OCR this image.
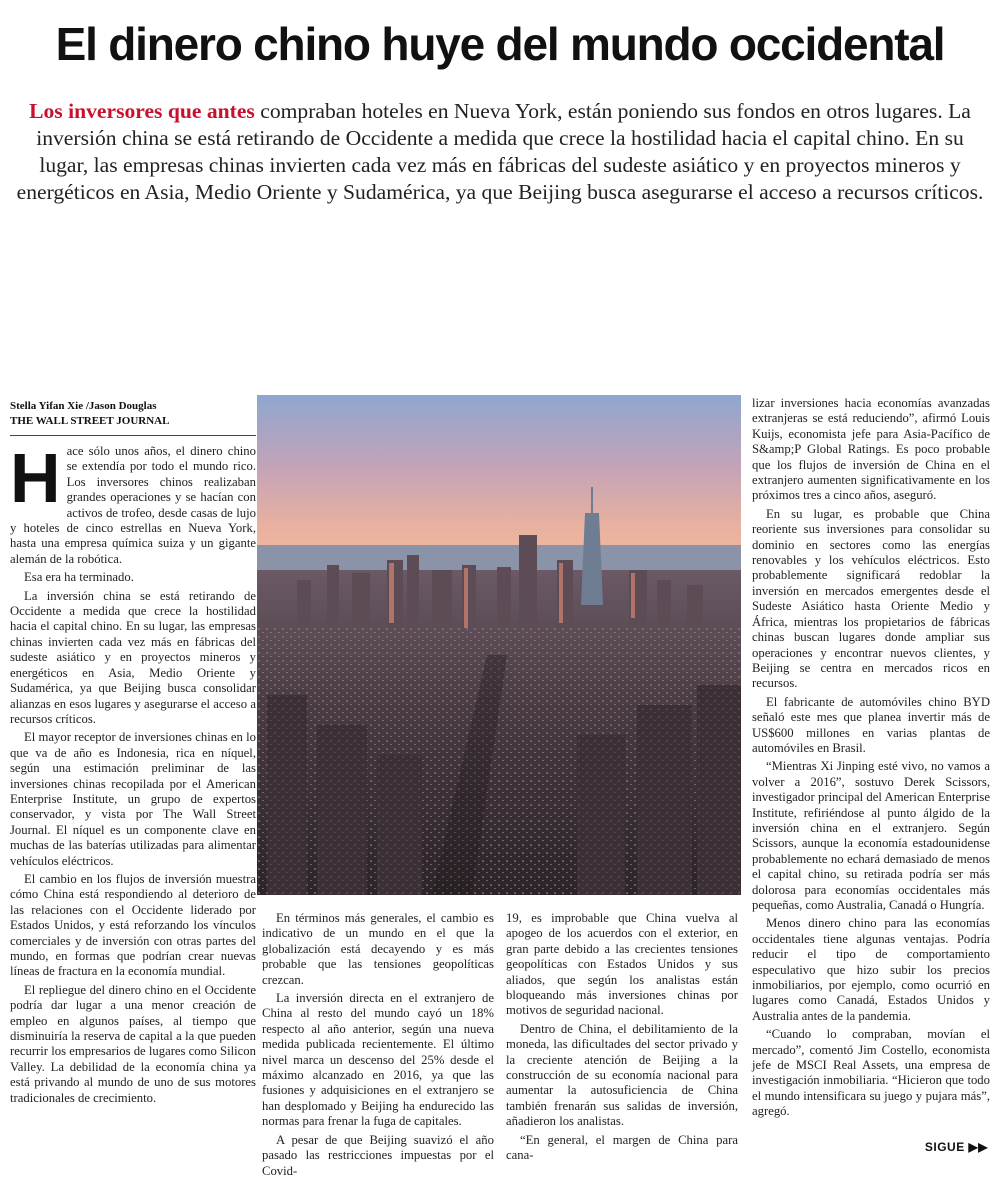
El dinero chino huye del mundo occidental

Los inversores que antes compraban hoteles en Nueva York, están poniendo sus fondos en otros lugares. La inversión china se está retirando de Occidente a medida que crece la hostilidad hacia el capital chino. En su lugar, las empresas chinas invierten cada vez más en fábricas del sudeste asiático y en proyectos mineros y energéticos en Asia, Medio Oriente y Sudamérica, ya que Beijing busca asegurarse el acceso a recursos críticos.

Stella Yifan Xie /Jason Douglas
THE WALL STREET JOURNAL

Hace sólo unos años, el dinero chino se extendía por todo el mundo rico. Los inversores chinos realizaban grandes operaciones y se hacían con activos de trofeo, desde casas de lujo y hoteles de cinco estrellas en Nueva York, hasta una empresa química suiza y un gigante alemán de la robótica.

Esa era ha terminado.

La inversión china se está retirando de Occidente a medida que crece la hostilidad hacia el capital chino. En su lugar, las empresas chinas invierten cada vez más en fábricas del sudeste asiático y en proyectos mineros y energéticos en Asia, Medio Oriente y Sudamérica, ya que Beijing busca consolidar alianzas en esos lugares y asegurarse el acceso a recursos críticos.

El mayor receptor de inversiones chinas en lo que va de año es Indonesia, rica en níquel, según una estimación preliminar de las inversiones chinas recopilada por el American Enterprise Institute, un grupo de expertos conservador, y vista por The Wall Street Journal. El níquel es un componente clave en muchas de las baterías utilizadas para alimentar vehículos eléctricos.

El cambio en los flujos de inversión muestra cómo China está respondiendo al deterioro de las relaciones con el Occidente liderado por Estados Unidos, y está reforzando los vínculos comerciales y de inversión con otras partes del mundo, en formas que podrían crear nuevas líneas de fractura en la economía mundial.

El repliegue del dinero chino en el Occidente podría dar lugar a una menor creación de empleo en algunos países, al tiempo que disminuiría la reserva de capital a la que pueden recurrir los empresarios de lugares como Silicon Valley. La debilidad de la economía china ya está privando al mundo de uno de sus motores tradicionales de crecimiento.

En términos más generales, el cambio es indicativo de un mundo en el que la globalización está decayendo y es más probable que las tensiones geopolíticas crezcan.

La inversión directa en el extranjero de China al resto del mundo cayó un 18% respecto al año anterior, según una nueva medida publicada recientemente. El último nivel marca un descenso del 25% desde el máximo alcanzado en 2016, ya que las fusiones y adquisiciones en el extranjero se han desplomado y Beijing ha endurecido las normas para frenar la fuga de capitales.

A pesar de que Beijing suavizó el año pasado las restricciones impuestas por el Covid-

19, es improbable que China vuelva al apogeo de los acuerdos con el exterior, en gran parte debido a las crecientes tensiones geopolíticas con Estados Unidos y sus aliados, que según los analistas están bloqueando más inversiones chinas por motivos de seguridad nacional.

Dentro de China, el debilitamiento de la moneda, las dificultades del sector privado y la creciente atención de Beijing a la construcción de su economía nacional para aumentar la autosuficiencia de China también frenarán sus salidas de inversión, añadieron los analistas.

“En general, el margen de China para cana-

lizar inversiones hacia economías avanzadas extranjeras se está reduciendo”, afirmó Louis Kuijs, economista jefe para Asia-Pacífico de S&amp;P Global Ratings. Es poco probable que los flujos de inversión de China en el extranjero aumenten significativamente en los próximos tres a cinco años, aseguró.

En su lugar, es probable que China reoriente sus inversiones para consolidar su dominio en sectores como las energías renovables y los vehículos eléctricos. Esto probablemente significará redoblar la inversión en mercados emergentes desde el Sudeste Asiático hasta Oriente Medio y África, mientras los propietarios de fábricas chinas buscan lugares donde ampliar sus operaciones y encontrar nuevos clientes, y Beijing se centra en mercados ricos en recursos.

El fabricante de automóviles chino BYD señaló este mes que planea invertir más de US$600 millones en varias plantas de automóviles en Brasil.

“Mientras Xi Jinping esté vivo, no vamos a volver a 2016”, sostuvo Derek Scissors, investigador principal del American Enterprise Institute, refiriéndose al punto álgido de la inversión china en el extranjero. Según Scissors, aunque la economía estadounidense probablemente no echará demasiado de menos el capital chino, su retirada podría ser más dolorosa para economías occidentales más pequeñas, como Australia, Canadá o Hungría.

Menos dinero chino para las economías occidentales tiene algunas ventajas. Podría reducir el tipo de comportamiento especulativo que hizo subir los precios inmobiliarios, por ejemplo, como ocurrió en lugares como Canadá, Estados Unidos y Australia antes de la pandemia.

“Cuando lo compraban, movían el mercado”, comentó Jim Costello, economista jefe de MSCI Real Assets, una empresa de investigación inmobiliaria. “Hicieron que todo el mundo intensificara su juego y pujara más”, agregó.

SIGUE ▶▶
